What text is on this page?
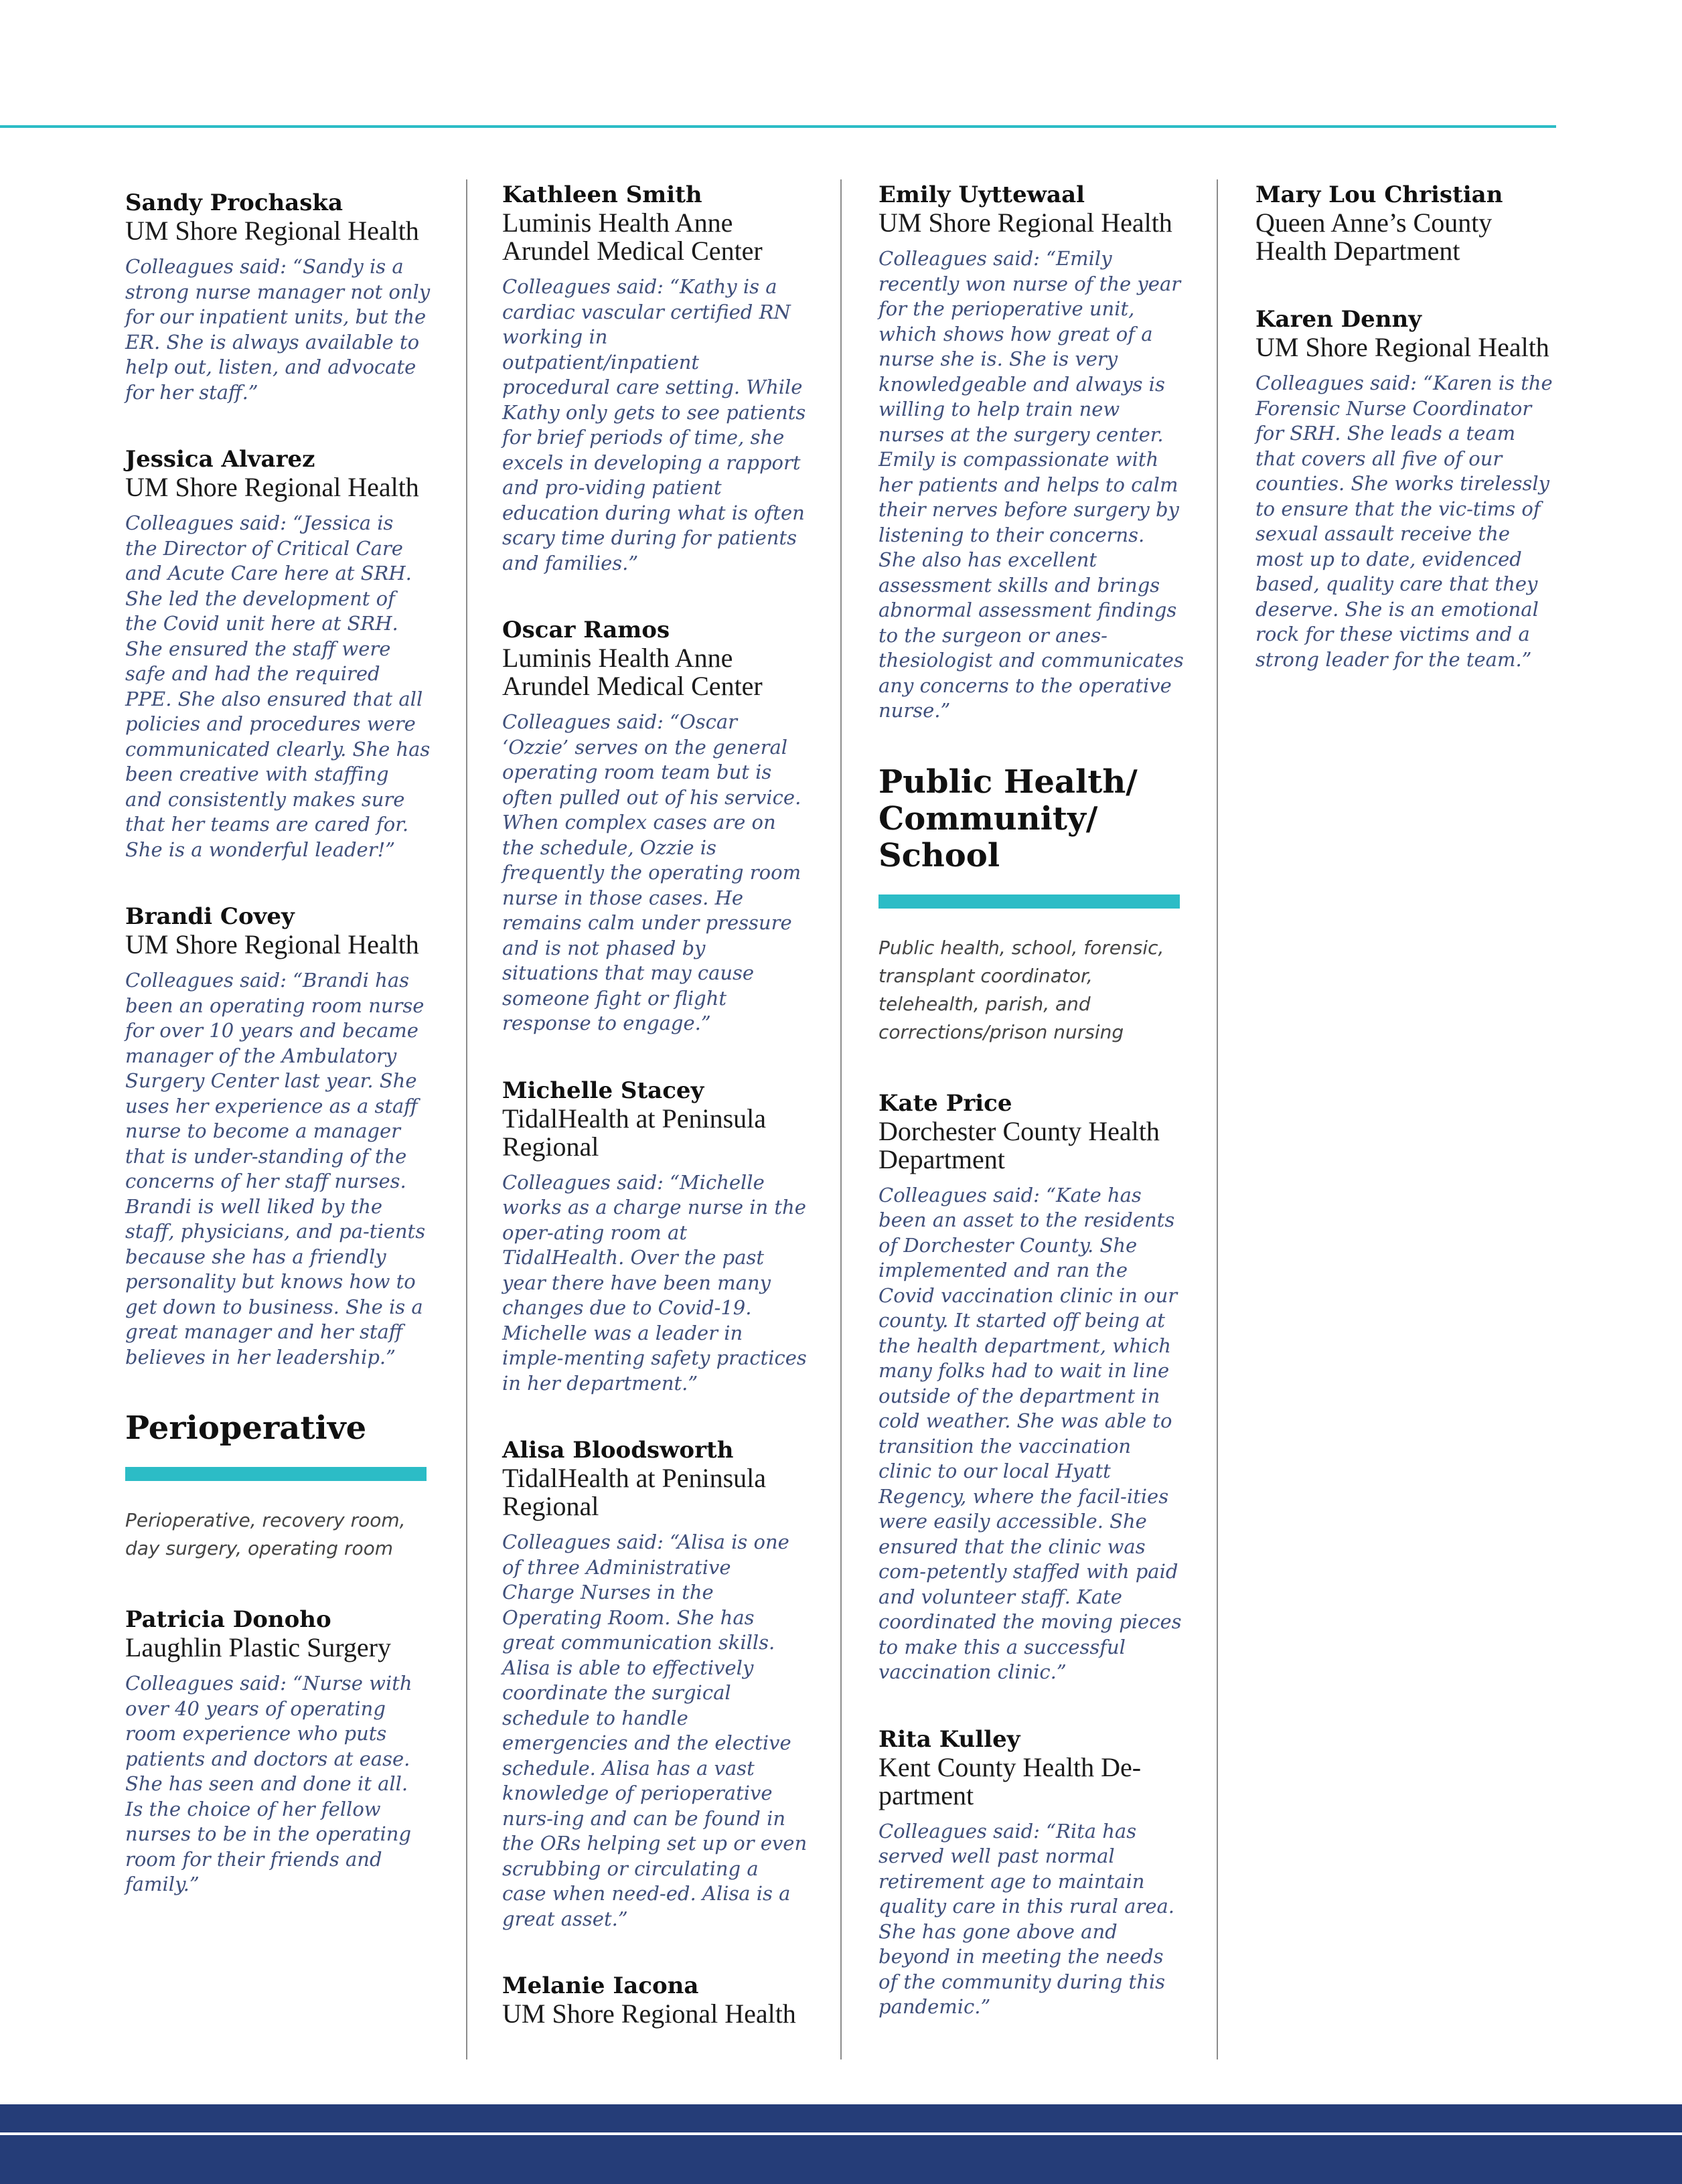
Sandy Prochaska
UM Shore Regional Health
Colleagues said: “Sandy is a strong nurse manager not only for our inpatient units, but the ER. She is always available to help out, listen, and advocate for her staff.”
Jessica Alvarez
UM Shore Regional Health
Colleagues said: “Jessica is the Director of Critical Care and Acute Care here at SRH. She led the development of the Covid unit here at SRH. She ensured the staff were safe and had the required PPE. She also ensured that all policies and procedures were communicated clearly. She has been creative with staffing and consistently makes sure that her teams are cared for. She is a wonderful leader!”
Brandi Covey
UM Shore Regional Health
Colleagues said: “Brandi has been an operating room nurse for over 10 years and became manager of the Ambulatory Surgery Center last year. She uses her experience as a staff nurse to become a manager that is under-standing of the concerns of her staff nurses. Brandi is well liked by the staff, physicians, and pa-tients because she has a friendly personality but knows how to get down to business. She is a great manager and her staff believes in her leadership.”
Perioperative
Perioperative, recovery room, day surgery, operating room
Patricia Donoho
Laughlin Plastic Surgery
Colleagues said: “Nurse with over 40 years of operating room experience who puts patients and doctors at ease. She has seen and done it all. Is the choice of her fellow nurses to be in the operating room for their friends and family.”
Kathleen Smith
Luminis Health Anne Arundel Medical Center
Colleagues said: “Kathy is a cardiac vascular certified RN working in outpatient/inpatient procedural care setting. While Kathy only gets to see patients for brief periods of time, she excels in developing a rapport and pro-viding patient education during what is often scary time during for patients and families.”
Oscar Ramos
Luminis Health Anne Arundel Medical Center
Colleagues said: “Oscar ‘Ozzie’ serves on the general operating room team but is often pulled out of his service. When complex cases are on the schedule, Ozzie is frequently the operating room nurse in those cases. He remains calm under pressure and is not phased by situations that may cause someone fight or flight response to engage.”
Michelle Stacey
TidalHealth at Peninsula Regional
Colleagues said: “Michelle works as a charge nurse in the oper-ating room at TidalHealth. Over the past year there have been many changes due to Covid-19. Michelle was a leader in imple-menting safety practices in her department.”
Alisa Bloodsworth
TidalHealth at Peninsula Regional
Colleagues said: “Alisa is one of three Administrative Charge Nurses in the Operating Room. She has great communication skills. Alisa is able to effectively coordinate the surgical schedule to handle emergencies and the elective schedule. Alisa has a vast knowledge of perioperative nurs-ing and can be found in the ORs helping set up or even scrubbing or circulating a case when need-ed. Alisa is a great asset.”
Melanie Iacona
UM Shore Regional Health
Emily Uyttewaal
UM Shore Regional Health
Colleagues said: “Emily recently won nurse of the year for the perioperative unit, which shows how great of a nurse she is. She is very knowledgeable and always is willing to help train new nurses at the surgery center. Emily is compassionate with her patients and helps to calm their nerves before surgery by listening to their concerns. She also has excellent assessment skills and brings abnormal assessment findings to the surgeon or anes-thesiologist and communicates any concerns to the operative nurse.”
Public Health/ Community/ School
Public health, school, forensic, transplant coordinator, telehealth, parish, and corrections/prison nursing
Kate Price
Dorchester County Health Department
Colleagues said: “Kate has been an asset to the residents of Dorchester County. She implemented and ran the Covid vaccination clinic in our county. It started off being at the health department, which many folks had to wait in line outside of the department in cold weather. She was able to transition the vaccination clinic to our local Hyatt Regency, where the facil-ities were easily accessible. She ensured that the clinic was com-petently staffed with paid and volunteer staff. Kate coordinated the moving pieces to make this a successful vaccination clinic.”
Rita Kulley
Kent County Health De-partment
Colleagues said: “Rita has served well past normal retirement age to maintain quality care in this rural area. She has gone above and beyond in meeting the needs of the community during this pandemic.”
Mary Lou Christian
Queen Anne’s County Health Department
Karen Denny
UM Shore Regional Health
Colleagues said: “Karen is the Forensic Nurse Coordinator for SRH. She leads a team that covers all five of our counties. She works tirelessly to ensure that the vic-tims of sexual assault receive the most up to date, evidenced based, quality care that they deserve. She is an emotional rock for these victims and a strong leader for the team.”
